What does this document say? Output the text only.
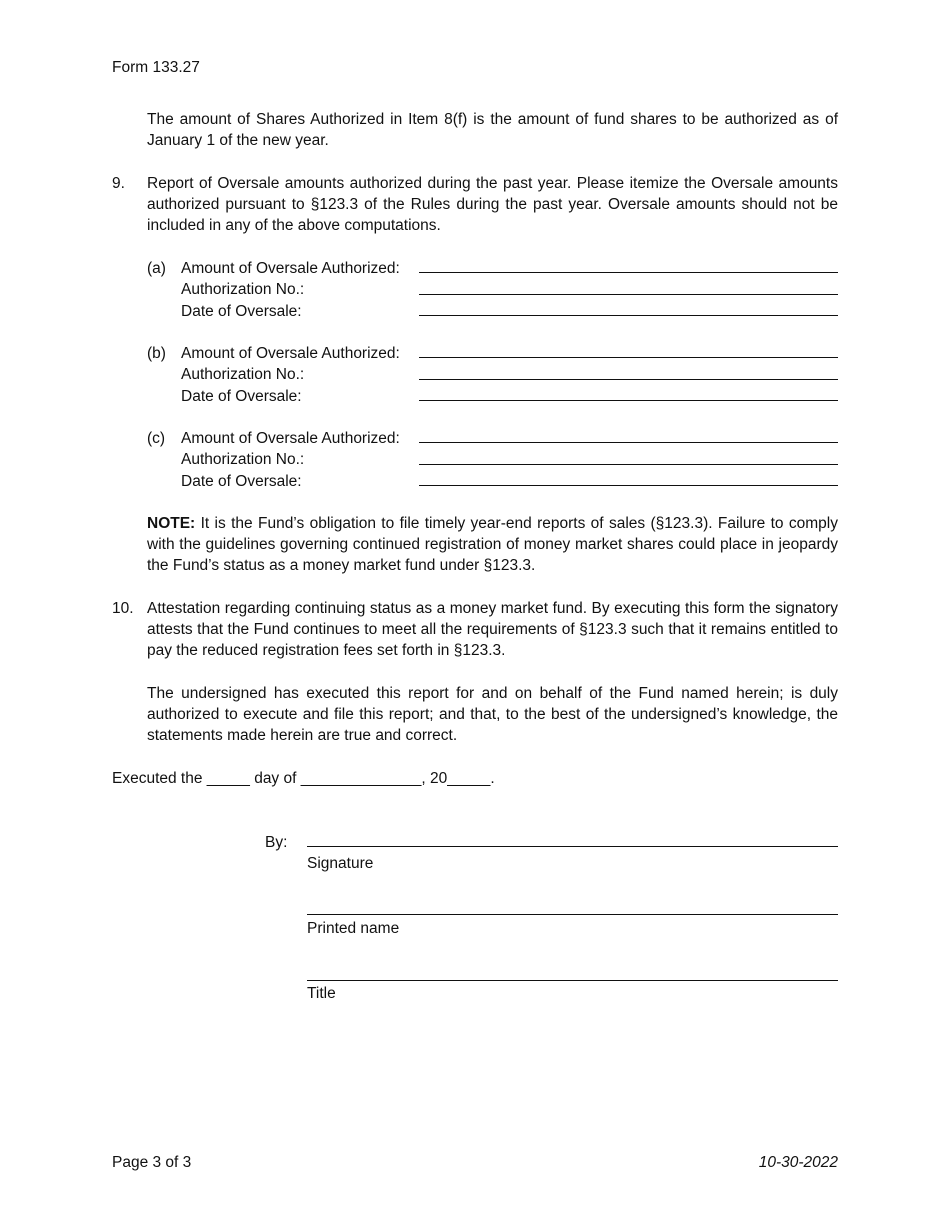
Form 133.27
The amount of Shares Authorized in Item 8(f) is the amount of fund shares to be authorized as of January 1 of the new year.
9. Report of Oversale amounts authorized during the past year. Please itemize the Oversale amounts authorized pursuant to §123.3 of the Rules during the past year. Oversale amounts should not be included in any of the above computations.
(a) Amount of Oversale Authorized:
Authorization No.:
Date of Oversale:
(b) Amount of Oversale Authorized:
Authorization No.:
Date of Oversale:
(c) Amount of Oversale Authorized:
Authorization No.:
Date of Oversale:
NOTE: It is the Fund’s obligation to file timely year-end reports of sales (§123.3). Failure to comply with the guidelines governing continued registration of money market shares could place in jeopardy the Fund’s status as a money market fund under §123.3.
10. Attestation regarding continuing status as a money market fund. By executing this form the signatory attests that the Fund continues to meet all the requirements of §123.3 such that it remains entitled to pay the reduced registration fees set forth in §123.3.
The undersigned has executed this report for and on behalf of the Fund named herein; is duly authorized to execute and file this report; and that, to the best of the undersigned’s knowledge, the statements made herein are true and correct.
Executed the _____ day of ______________, 20_____.
By:
Signature
Printed name
Title
Page 3 of 3	10-30-2022
